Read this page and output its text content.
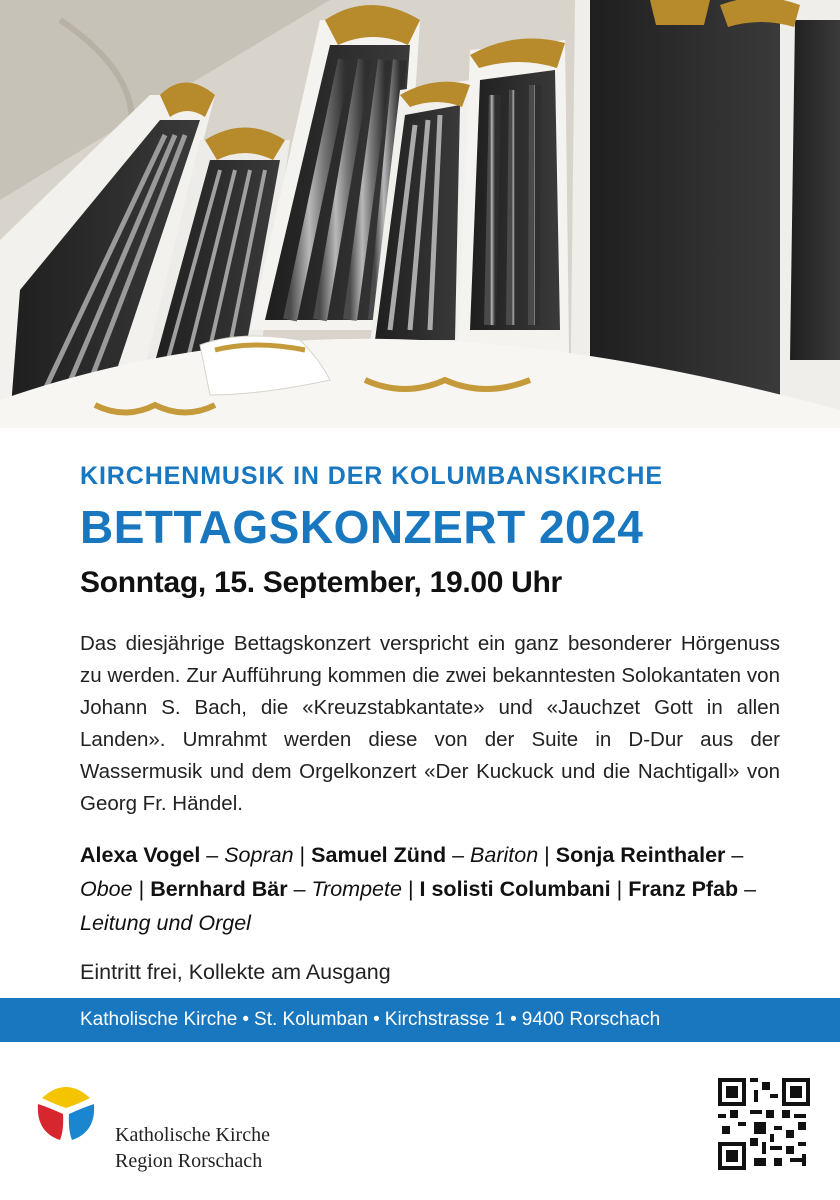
KIRCHENMUSIK IN DER KOLUMBANSKIRCHE

BETTAGSKONZERT 2024

Sonntag, 15. September, 19.00 Uhr

Das diesjährige Bettagskonzert verspricht ein ganz besonderer Hörgenuss zu werden. Zur Aufführung kommen die zwei bekanntesten Solokantaten von Johann S. Bach, die «Kreuzstabkantate» und «Jauchzet Gott in allen Landen». Umrahmt werden diese von der Suite in D-Dur aus der Wassermusik und dem Orgelkonzert «Der Kuckuck und die Nachtigall» von Georg Fr. Händel.

Alexa Vogel – Sopran | Samuel Zünd – Bariton | Sonja Reinthaler –Oboe | Bernhard Bär – Trompete | I solisti Columbani | Franz Pfab – Leitung und Orgel

Eintritt frei, Kollekte am Ausgang

Katholische Kirche • St. Kolumban • Kirchstrasse 1 • 9400 Rorschach
Katholische Kirche
Region Rorschach
